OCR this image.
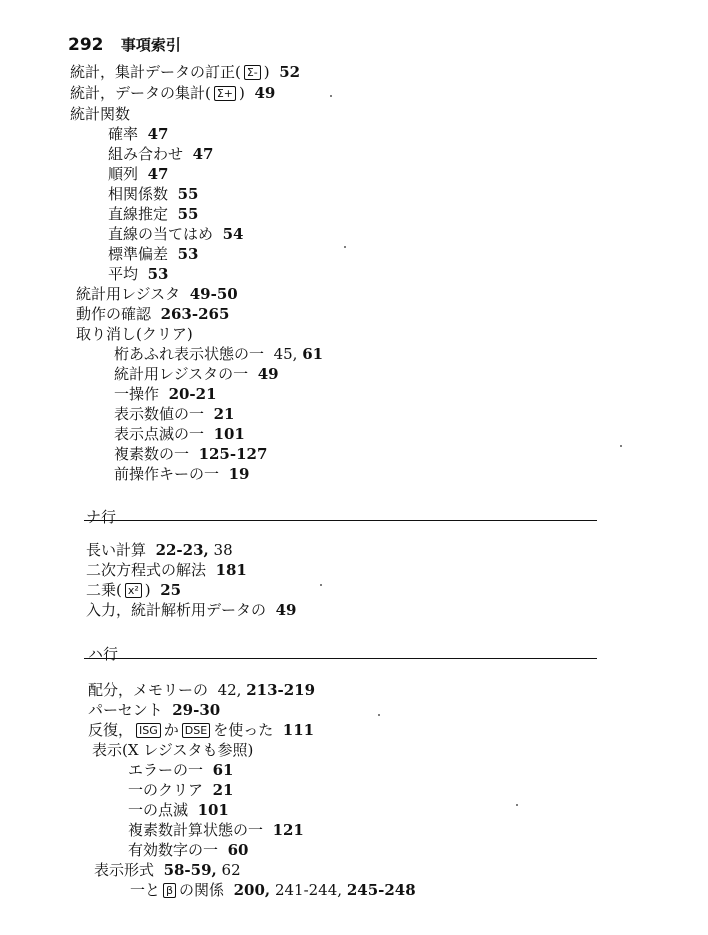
292 事項索引
統計，集計データの訂正( Σ- ) 52
統計，データの集計( Σ+ ) 49
統計関数
確率 47
組み合わせ 47
順列 47
相関係数 55
直線推定 55
直線の当てはめ 54
標準偏差 53
平均 53
統計用レジスタ 49-50
動作の確認 263-265
取り消し(クリア)
桁あふれ表示状態の一 45, 61
統計用レジスタの一 49
一操作 20-21
表示数値の一 21
表示点滅の一 101
複素数の一 125-127
前操作キーの一 19
ナ行
長い計算 22-23, 38
二次方程式の解法 181
二乗( x² ) 25
入力，統計解析用データの 49
ハ行
配分，メモリーの 42, 213-219
パーセント 29-30
反復， ISG か DSE を使った 111
表示(X レジスタも参照)
エラーの一 61
一のクリア 21
一の点滅 101
複素数計算状態の一 121
有効数字の一 60
表示形式 58-59, 62
一と β の関係 200, 241-244, 245-248
